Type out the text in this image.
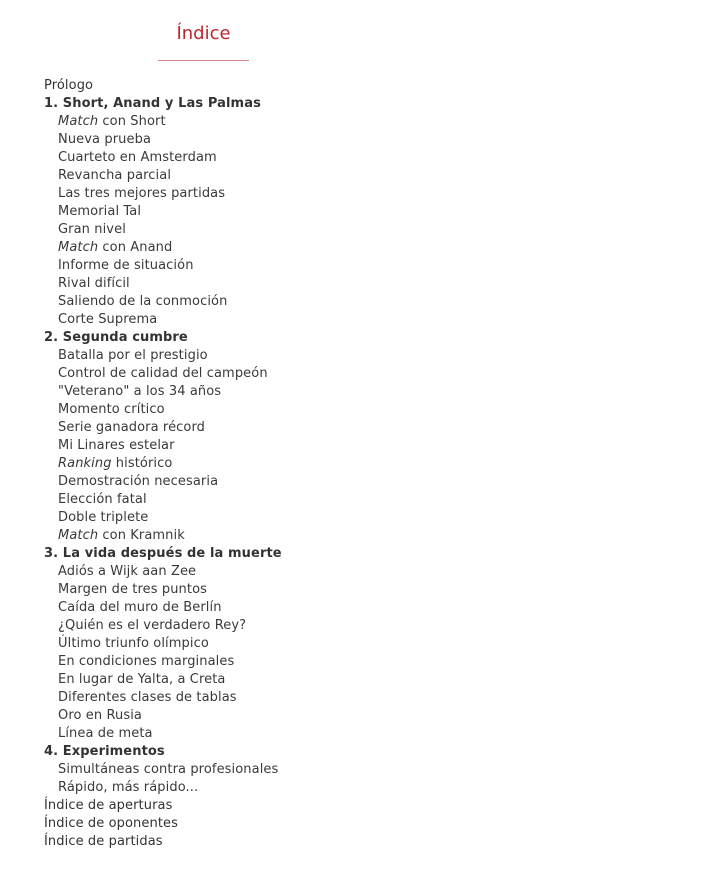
Índice
Prólogo
1. Short, Anand y Las Palmas
Match con Short
Nueva prueba
Cuarteto en Amsterdam
Revancha parcial
Las tres mejores partidas
Memorial Tal
Gran nivel
Match con Anand
Informe de situación
Rival difícil
Saliendo de la conmoción
Corte Suprema
2. Segunda cumbre
Batalla por el prestigio
Control de calidad del campeón
"Veterano" a los 34 años
Momento crítico
Serie ganadora récord
Mi Linares estelar
Ranking histórico
Demostración necesaria
Elección fatal
Doble triplete
Match con Kramnik
3. La vida después de la muerte
Adiós a Wijk aan Zee
Margen de tres puntos
Caída del muro de Berlín
¿Quién es el verdadero Rey?
Último triunfo olímpico
En condiciones marginales
En lugar de Yalta, a Creta
Diferentes clases de tablas
Oro en Rusia
Línea de meta
4. Experimentos
Simultáneas contra profesionales
Rápido, más rápido...
Índice de aperturas
Índice de oponentes
Índice de partidas
